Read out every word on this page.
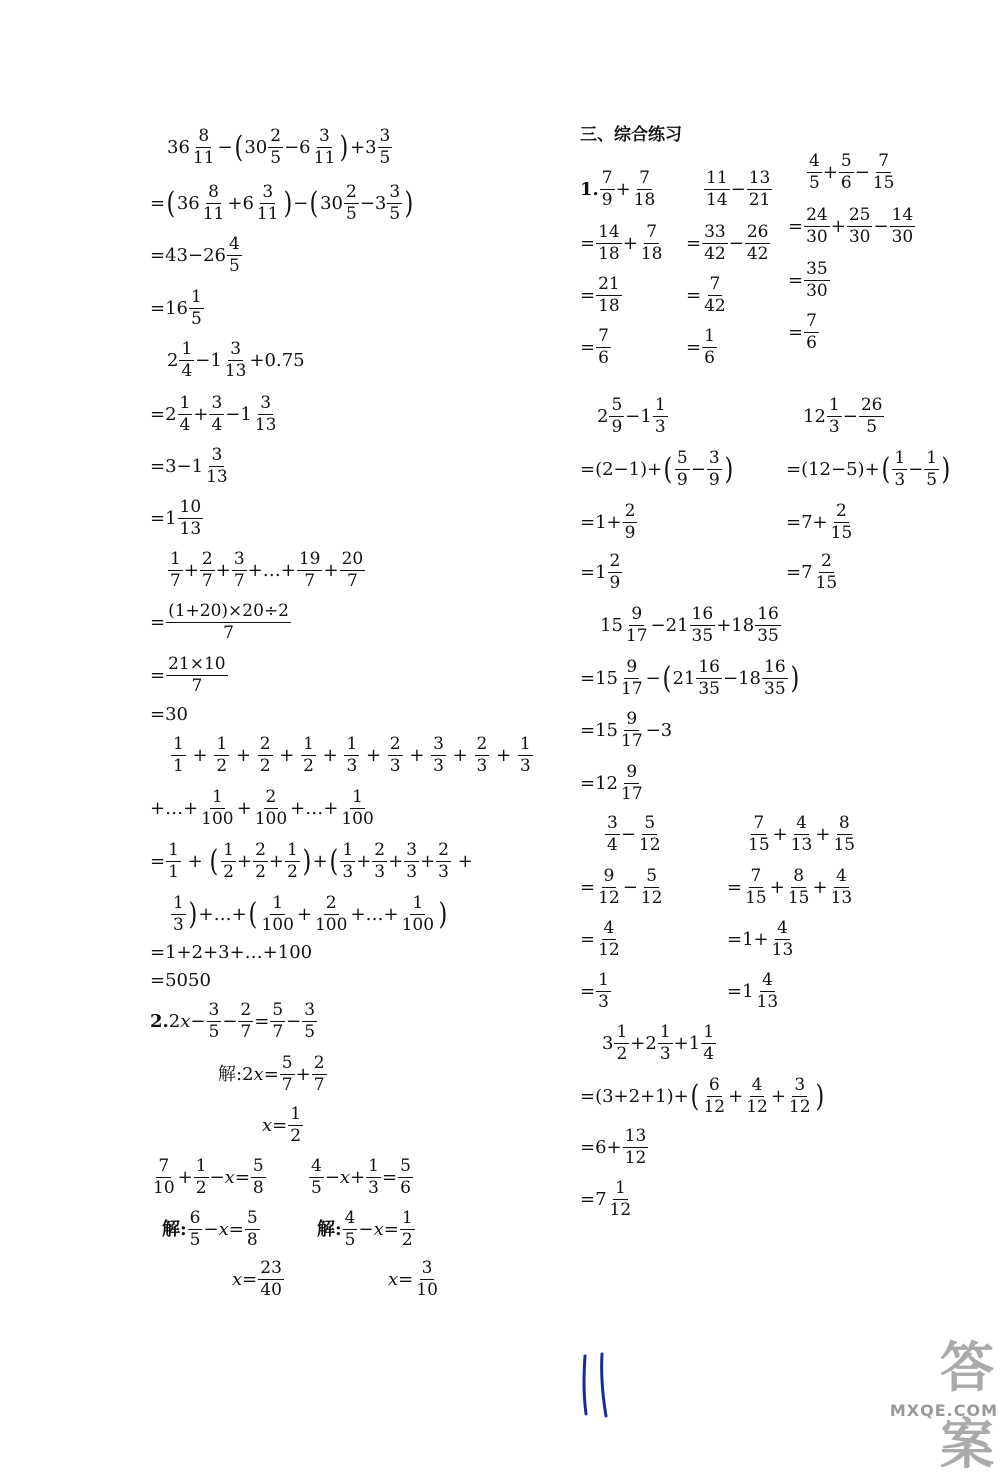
36
8
11
− ( 30
2
5
−6
3
11 ) +3
3
5
= ( 36
8
11
+6
3
11 ) − ( 30
2
5
−3
3
5 )
=43−26
4
5
=16
1
5
2
1
4
−1
3
13
+0.75
=2
1
4
+
3
4
−1
3
13
=3−1
3
13
=1
10
13
1
7
+
2
7
+
3
7
+…+
19
7
+
20
7
=
(1+20)×20÷2
7
=
21×10
7
=30
1
1
+
1
2
+
2
2
+
1
2
+
1
3
+
2
3
+
3
3
+
2
3
+
1
3
+…+
1
100
+
2
100
+…+
1
100
=
1
1
+ ( 1
2
+
2
2
+
1
2 ) + ( 1
3
+
2
3
+
3
3
+
2
3
+
1
3 ) +…+ ( 1
100
+
2
100
+…+
1
100 )
=1+2+3+…+100
=5050
2. 2 x −
3
5
−
2
7
=
5
7
−
3
5
解: 2 x =
5
7
+
2
7
x =
1
2
7
10
+
1
2
− x =
5
8
4
5
− x +
1
3
=
5
6
解:
6
5
− x =
5
8
解:
4
5
− x =
1
2
x =
23
40
x =
3
10
三、综合练习
1.
7
9
+
7
18
11
14
−
13
21
4
5
+
5
6
−
7
15
=
14
18
+
7
18
=
33
42
−
26
42
=
24
30
+
25
30
−
14
30
=
21
18
=
7
42
=
35
30
=
7
6
=
1
6
=
7
6
2
5
9
−1
1
3
12
1
3
−
26
5
=(2−1)+ ( 5
9
−
3
9 )	=(12−5)+ ( 1
3
−
1
5 )
=1+
2
9
=7+
2
15
=1
2
9
=7
2
15
15
9
17
−21
16
35
+18
16
35
=15
9
17
− ( 21
16
35
−18
16
35 )
=15
9
17
−3
=12
9
17
3
4
−
5
12
7
15
+
4
13
+
8
15
=
9
12
−
5
12
=
7
15
+
8
15
+
4
13
=
4
12
=1+
4
13
=
1
3
=1
4
13
3
1
2
+2
1
3
+1
1
4
=(3+2+1)+ ( 6
12
+
4
12
+
3
12 )
=6+
13
12
=7
1
12
答案
MXQE.COM
